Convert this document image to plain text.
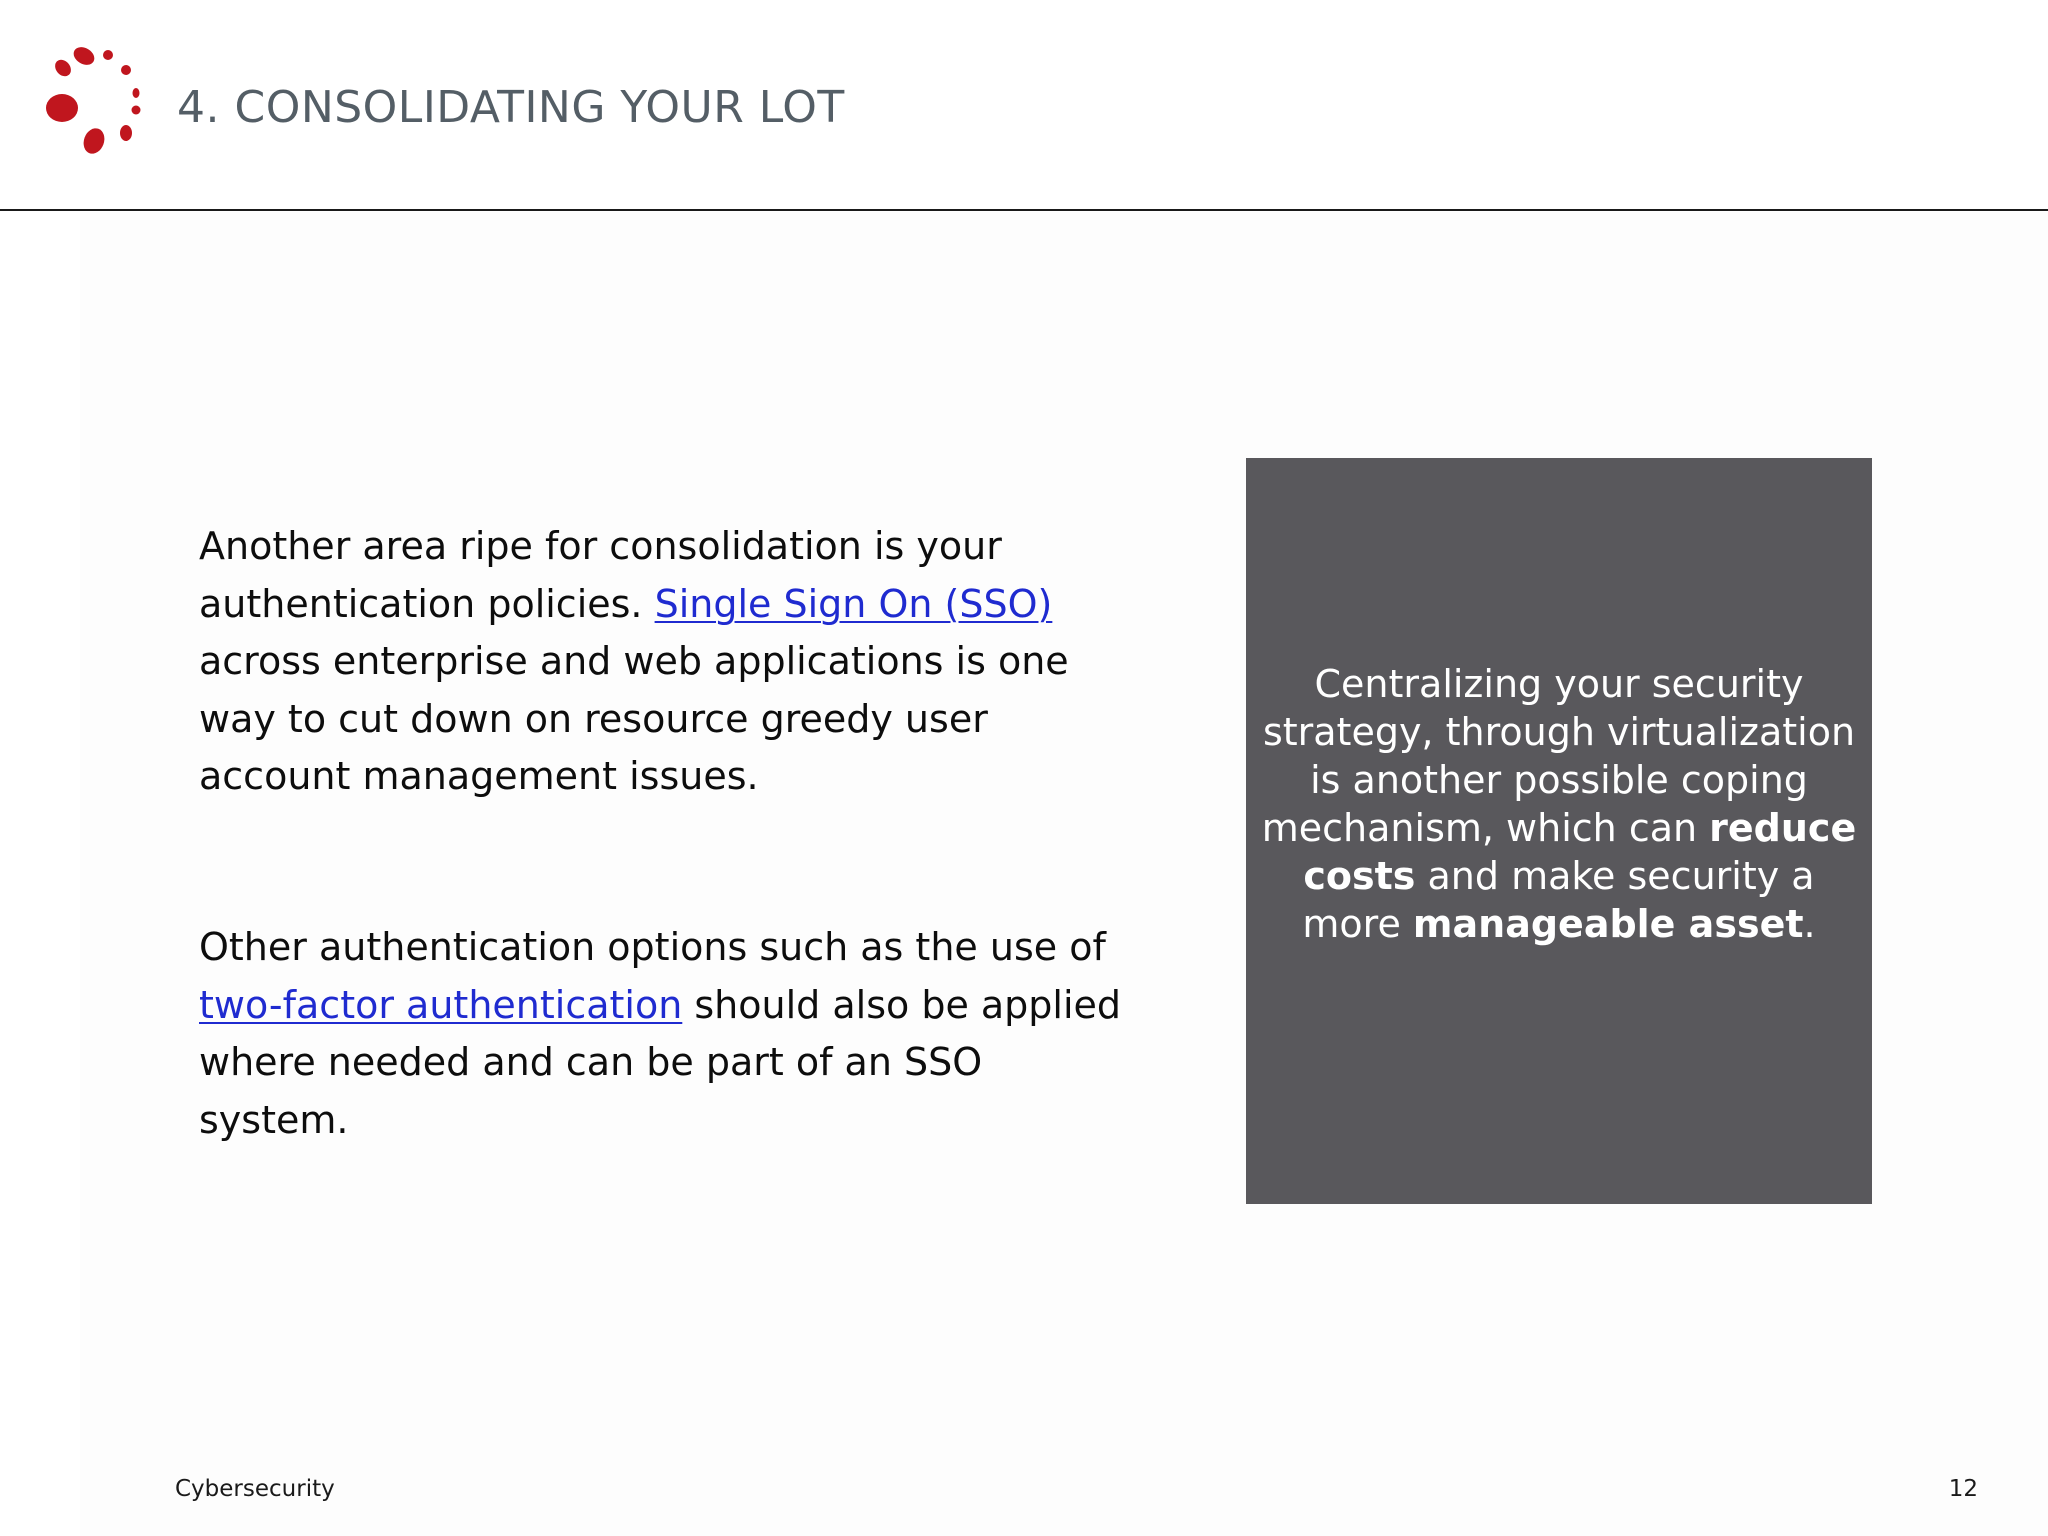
4. CONSOLIDATING YOUR LOT

Another area ripe for consolidation is your authentication policies. Single Sign On (SSO) across enterprise and web applications is one way to cut down on resource greedy user account management issues.

Other authentication options such as the use of two-factor authentication should also be applied where needed and can be part of an SSO system.

Centralizing your security strategy, through virtualization is another possible coping mechanism, which can reduce costs and make security a more manageable asset.

Cybersecurity	12
